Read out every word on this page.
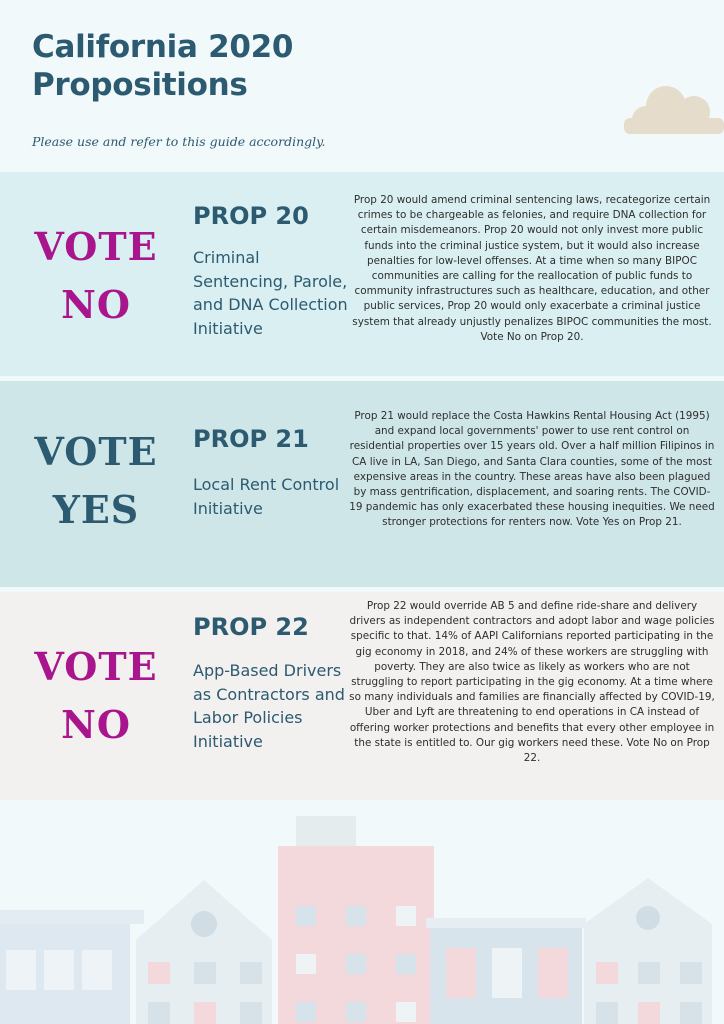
California 2020
Propositions
Please use and refer to this guide accordingly.
VOTE
NO
PROP 20
Criminal Sentencing, Parole, and DNA Collection Initiative
Prop 20 would amend criminal sentencing laws, recategorize certain crimes to be chargeable as felonies, and require DNA collection for certain misdemeanors. Prop 20 would not only invest more public funds into the criminal justice system, but it would also increase penalties for low-level offenses. At a time when so many BIPOC communities are calling for the reallocation of public funds to community infrastructures such as healthcare, education, and other public services, Prop 20 would only exacerbate a criminal justice system that already unjustly penalizes BIPOC communities the most. Vote No on Prop 20.
VOTE
YES
PROP 21
Local Rent Control Initiative
Prop 21 would replace the Costa Hawkins Rental Housing Act (1995) and expand local governments' power to use rent control on residential properties over 15 years old. Over a half million Filipinos in CA live in LA, San Diego, and Santa Clara counties, some of the most expensive areas in the country. These areas have also been plagued by mass gentrification, displacement, and soaring rents. The COVID-19 pandemic has only exacerbated these housing inequities. We need stronger protections for renters now. Vote Yes on Prop 21.
VOTE
NO
PROP 22
App-Based Drivers as Contractors and Labor Policies Initiative
Prop 22 would override AB 5 and define ride-share and delivery drivers as independent contractors and adopt labor and wage policies specific to that. 14% of AAPI Californians reported participating in the gig economy in 2018, and 24% of these workers are struggling with poverty. They are also twice as likely as workers who are not struggling to report participating in the gig economy. At a time where so many individuals and families are financially affected by COVID-19, Uber and Lyft are threatening to end operations in CA instead of offering worker protections and benefits that every other employee in the state is entitled to. Our gig workers need these. Vote No on Prop 22.
